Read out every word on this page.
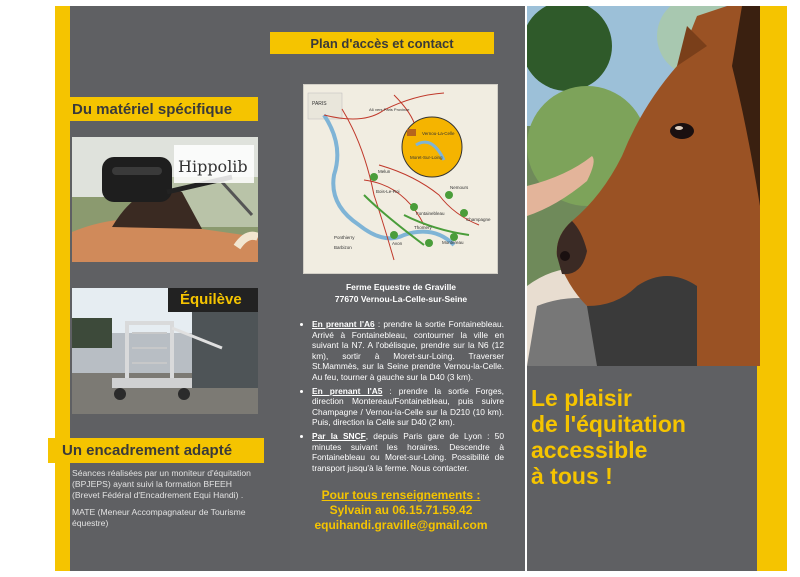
Du matériel spécifique
Hippolib
Équilève
Un encadrement adapté
Séances réalisées par un moniteur d'équitation (BPJEPS) ayant suivi la formation BFEEH (Brevet Fédéral d'Encadrement Equi Handi) .
MATE (Meneur Accompagnateur de Tourisme équestre)
Plan d'accès et contact
PARIS
A6 vers Paris Province
Vernou-La-Celle
Moret-Sur-Loing
Melun
Nemours
Fontainebleau
Bois-Le-Roi
Montereau
Champagne
Thomery
Avon
Ponthierry
Barbizon
Ferme Equestre de Graville
77670 Vernou-La-Celle-sur-Seine
• En prenant l'A6 : prendre la sortie Fontainebleau. Arrivé à Fontainebleau, contourner la ville en suivant la N7. A l'obélisque, prendre sur la N6 (12 km), sortir à Moret-sur-Loing. Traverser St.Mammès, sur la Seine prendre Vernou-la-Celle. Au feu, tourner à gauche sur la D40 (3 km).
• En prenant l'A5 : prendre la sortie Forges, direction Montereau/Fontainebleau, puis suivre Champagne / Vernou-la-Celle sur la D210 (10 km). Puis, direction la Celle sur D40 (2 km).
• Par la SNCF, depuis Paris gare de Lyon : 50 minutes suivant les horaires. Descendre à Fontainebleau ou Moret-sur-Loing. Possibilité de transport jusqu'à la ferme. Nous contacter.
Pour tous renseignements :
Sylvain au 06.15.71.59.42
equihandi.graville@gmail.com
Le plaisir
de l'équitation
accessible
à tous !
